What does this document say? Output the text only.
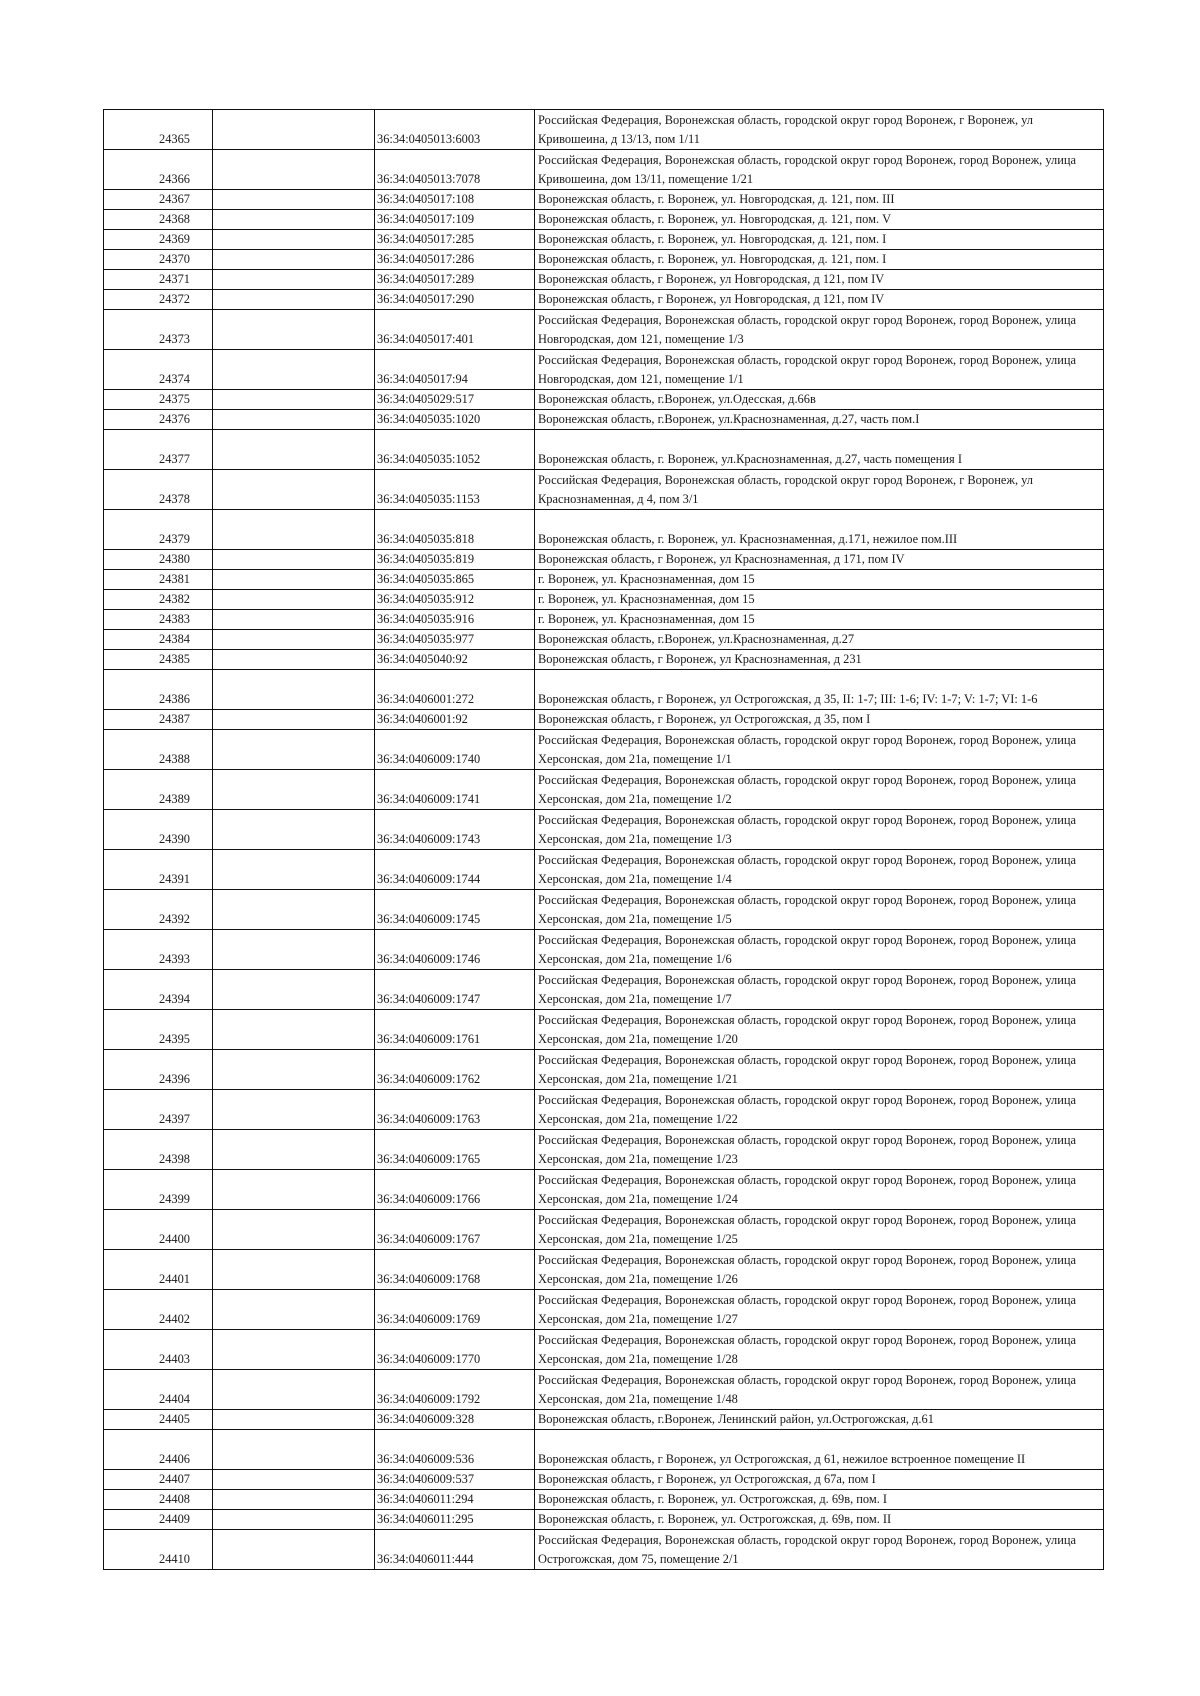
24365		36:34:0405013:6003	Российская Федерация, Воронежская область, городской округ город Воронеж, г Воронеж, ул Кривошеина, д 13/13, пом 1/11
24366		36:34:0405013:7078	Российская Федерация, Воронежская область, городской округ город Воронеж, город Воронеж, улица Кривошеина, дом 13/11, помещение 1/21
24367		36:34:0405017:108	Воронежская область, г. Воронеж, ул. Новгородская, д. 121, пом. III
24368		36:34:0405017:109	Воронежская область, г. Воронеж, ул. Новгородская, д. 121, пом. V
24369		36:34:0405017:285	Воронежская область, г. Воронеж, ул. Новгородская, д. 121, пом. I
24370		36:34:0405017:286	Воронежская область, г. Воронеж, ул. Новгородская, д. 121, пом. I
24371		36:34:0405017:289	Воронежская область, г Воронеж, ул Новгородская, д 121, пом IV
24372		36:34:0405017:290	Воронежская область, г Воронеж, ул Новгородская, д 121, пом IV
24373		36:34:0405017:401	Российская Федерация, Воронежская область, городской округ город Воронеж, город Воронеж, улица Новгородская, дом 121, помещение 1/3
24374		36:34:0405017:94	Российская Федерация, Воронежская область, городской округ город Воронеж, город Воронеж, улица Новгородская, дом 121, помещение 1/1
24375		36:34:0405029:517	Воронежская область, г.Воронеж, ул.Одесская, д.66в
24376		36:34:0405035:1020	Воронежская область, г.Воронеж, ул.Краснознаменная, д.27, часть пом.I
24377		36:34:0405035:1052	Воронежская область, г. Воронеж, ул.Краснознаменная, д.27, часть помещения I
24378		36:34:0405035:1153	Российская Федерация, Воронежская область, городской округ город Воронеж, г Воронеж, ул Краснознаменная, д 4, пом 3/1
24379		36:34:0405035:818	Воронежская область, г. Воронеж, ул. Краснознаменная, д.171, нежилое пом.III
24380		36:34:0405035:819	Воронежская область, г Воронеж, ул Краснознаменная, д 171, пом IV
24381		36:34:0405035:865	г. Воронеж, ул. Краснознаменная, дом 15
24382		36:34:0405035:912	г. Воронеж, ул. Краснознаменная, дом 15
24383		36:34:0405035:916	г. Воронеж, ул. Краснознаменная, дом 15
24384		36:34:0405035:977	Воронежская область, г.Воронеж, ул.Краснознаменная, д.27
24385		36:34:0405040:92	Воронежская область, г Воронеж, ул Краснознаменная, д 231
24386		36:34:0406001:272	Воронежская область, г Воронеж, ул Острогожская, д 35, II: 1-7; III: 1-6; IV: 1-7; V: 1-7; VI: 1-6
24387		36:34:0406001:92	Воронежская область, г Воронеж, ул Острогожская, д 35, пом I
24388		36:34:0406009:1740	Российская Федерация, Воронежская область, городской округ город Воронеж, город Воронеж, улица Херсонская, дом 21а, помещение 1/1
24389		36:34:0406009:1741	Российская Федерация, Воронежская область, городской округ город Воронеж, город Воронеж, улица Херсонская, дом 21а, помещение 1/2
24390		36:34:0406009:1743	Российская Федерация, Воронежская область, городской округ город Воронеж, город Воронеж, улица Херсонская, дом 21а, помещение 1/3
24391		36:34:0406009:1744	Российская Федерация, Воронежская область, городской округ город Воронеж, город Воронеж, улица Херсонская, дом 21а, помещение 1/4
24392		36:34:0406009:1745	Российская Федерация, Воронежская область, городской округ город Воронеж, город Воронеж, улица Херсонская, дом 21а, помещение 1/5
24393		36:34:0406009:1746	Российская Федерация, Воронежская область, городской округ город Воронеж, город Воронеж, улица Херсонская, дом 21а, помещение 1/6
24394		36:34:0406009:1747	Российская Федерация, Воронежская область, городской округ город Воронеж, город Воронеж, улица Херсонская, дом 21а, помещение 1/7
24395		36:34:0406009:1761	Российская Федерация, Воронежская область, городской округ город Воронеж, город Воронеж, улица Херсонская, дом 21а, помещение 1/20
24396		36:34:0406009:1762	Российская Федерация, Воронежская область, городской округ город Воронеж, город Воронеж, улица Херсонская, дом 21а, помещение 1/21
24397		36:34:0406009:1763	Российская Федерация, Воронежская область, городской округ город Воронеж, город Воронеж, улица Херсонская, дом 21а, помещение 1/22
24398		36:34:0406009:1765	Российская Федерация, Воронежская область, городской округ город Воронеж, город Воронеж, улица Херсонская, дом 21а, помещение 1/23
24399		36:34:0406009:1766	Российская Федерация, Воронежская область, городской округ город Воронеж, город Воронеж, улица Херсонская, дом 21а, помещение 1/24
24400		36:34:0406009:1767	Российская Федерация, Воронежская область, городской округ город Воронеж, город Воронеж, улица Херсонская, дом 21а, помещение 1/25
24401		36:34:0406009:1768	Российская Федерация, Воронежская область, городской округ город Воронеж, город Воронеж, улица Херсонская, дом 21а, помещение 1/26
24402		36:34:0406009:1769	Российская Федерация, Воронежская область, городской округ город Воронеж, город Воронеж, улица Херсонская, дом 21а, помещение 1/27
24403		36:34:0406009:1770	Российская Федерация, Воронежская область, городской округ город Воронеж, город Воронеж, улица Херсонская, дом 21а, помещение 1/28
24404		36:34:0406009:1792	Российская Федерация, Воронежская область, городской округ город Воронеж, город Воронеж, улица Херсонская, дом 21а, помещение 1/48
24405		36:34:0406009:328	Воронежская область, г.Воронеж, Ленинский район, ул.Острогожская, д.61
24406		36:34:0406009:536	Воронежская область, г Воронеж, ул Острогожская, д 61, нежилое встроенное помещение II
24407		36:34:0406009:537	Воронежская область, г Воронеж, ул Острогожская, д 67а, пом I
24408		36:34:0406011:294	Воронежская область, г. Воронеж, ул. Острогожская, д. 69в, пом. I
24409		36:34:0406011:295	Воронежская область, г. Воронеж, ул. Острогожская, д. 69в, пом. II
24410		36:34:0406011:444	Российская Федерация, Воронежская область, городской округ город Воронеж, город Воронеж, улица Острогожская, дом 75, помещение 2/1
